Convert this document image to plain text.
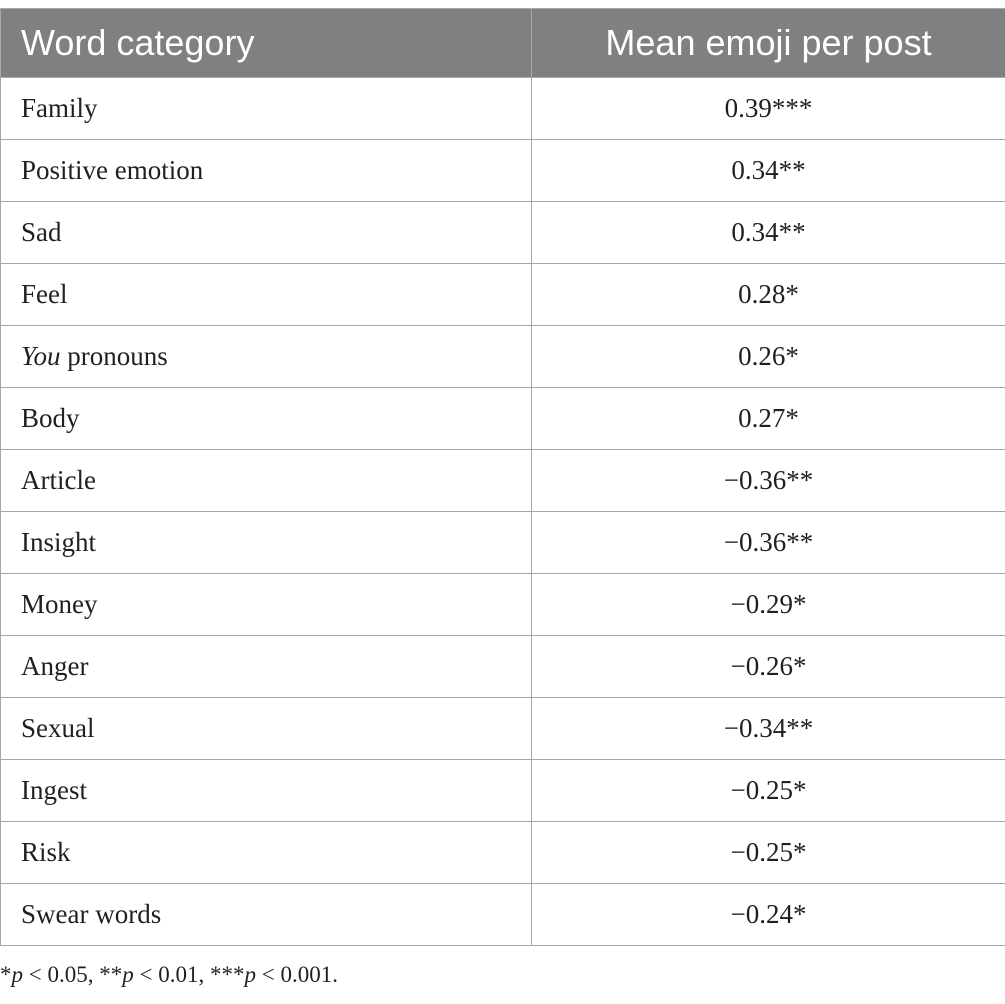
Word category	Mean emoji per post
Family	0.39***
Positive emotion	0.34**
Sad	0.34**
Feel	0.28*
You pronouns	0.26*
Body	0.27*
Article	−0.36**
Insight	−0.36**
Money	−0.29*
Anger	−0.26*
Sexual	−0.34**
Ingest	−0.25*
Risk	−0.25*
Swear words	−0.24*
*p < 0.05, **p < 0.01, ***p < 0.001.
